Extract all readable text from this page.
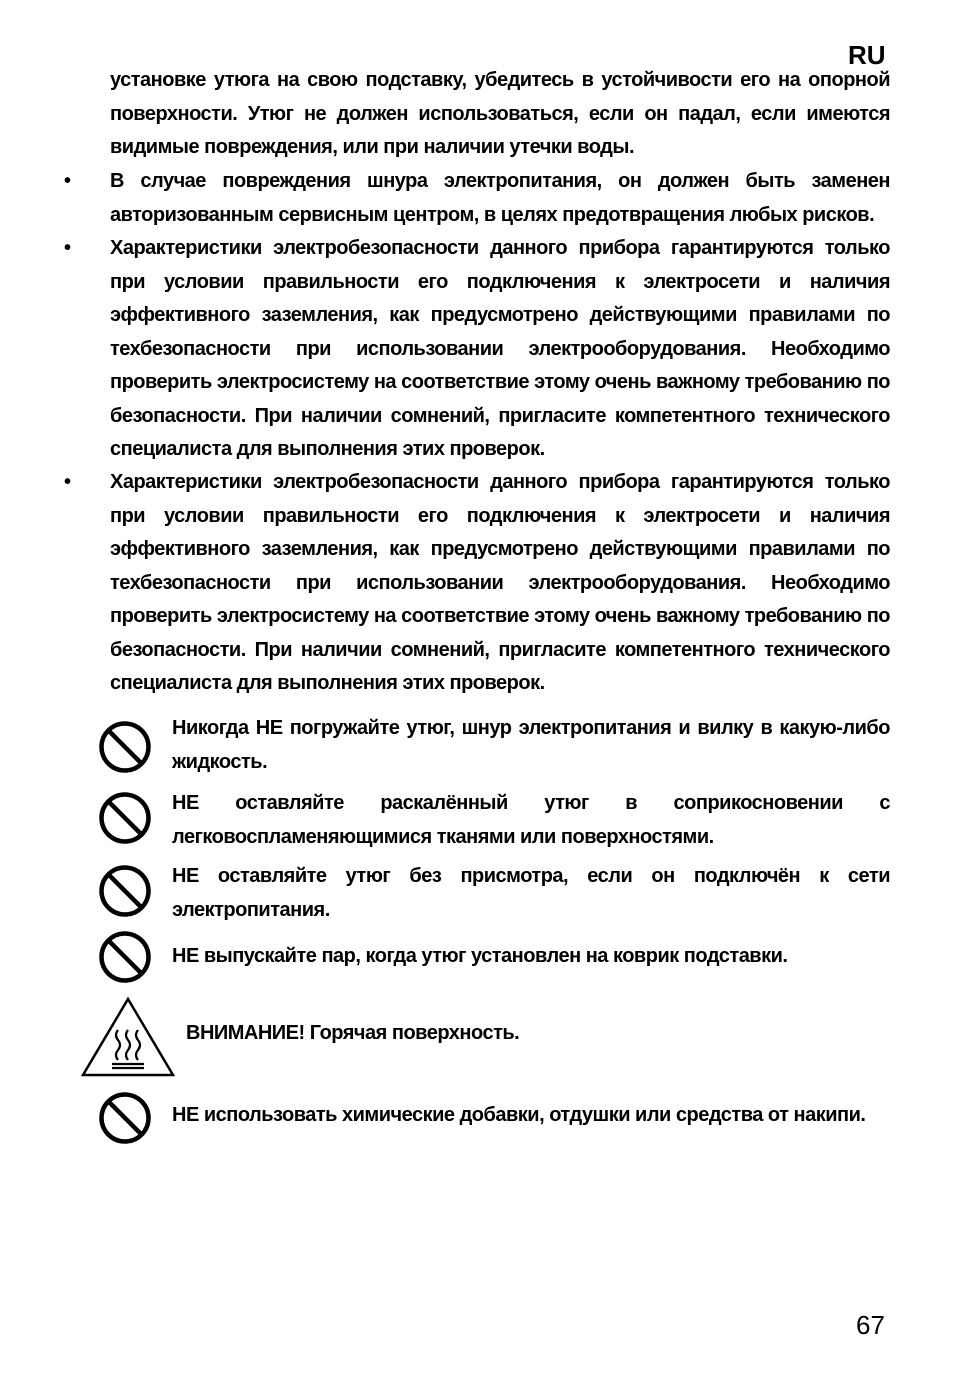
RU

установке утюга на свою подставку, убедитесь в устойчивости его на опорной поверхности. Утюг не должен использоваться, если он падал, если имеются видимые повреждения, или при наличии утечки воды.

• В случае повреждения шнура электропитания, он должен быть заменен авторизованным сервисным центром, в целях предотвращения любых рисков.

• Характеристики электробезопасности данного прибора гарантируются только при условии правильности его подключения к электросети и наличия эффективного заземления, как предусмотрено действующими правилами по техбезопасности при использовании электрооборудования. Необходимо проверить электросистему на соответствие этому очень важному требованию по безопасности. При наличии сомнений, пригласите компетентного технического специалиста для выполнения этих проверок.

• Характеристики электробезопасности данного прибора гарантируются только при условии правильности его подключения к электросети и наличия эффективного заземления, как предусмотрено действующими правилами по техбезопасности при использовании электрооборудования. Необходимо проверить электросистему на соответствие этому очень важному требованию по безопасности. При наличии сомнений, пригласите компетентного технического специалиста для выполнения этих проверок.

Никогда НЕ погружайте утюг, шнур электропитания и вилку в какую-либо жидкость.

НЕ оставляйте раскалённый утюг в соприкосновении с легковоспламеняющимися тканями или поверхностями.

НЕ оставляйте утюг без присмотра, если он подключён к сети электропитания.

НЕ выпускайте пар, когда утюг установлен на коврик подставки.

ВНИМАНИЕ! Горячая поверхность.

НЕ использовать химические добавки, отдушки или средства от накипи.

67
